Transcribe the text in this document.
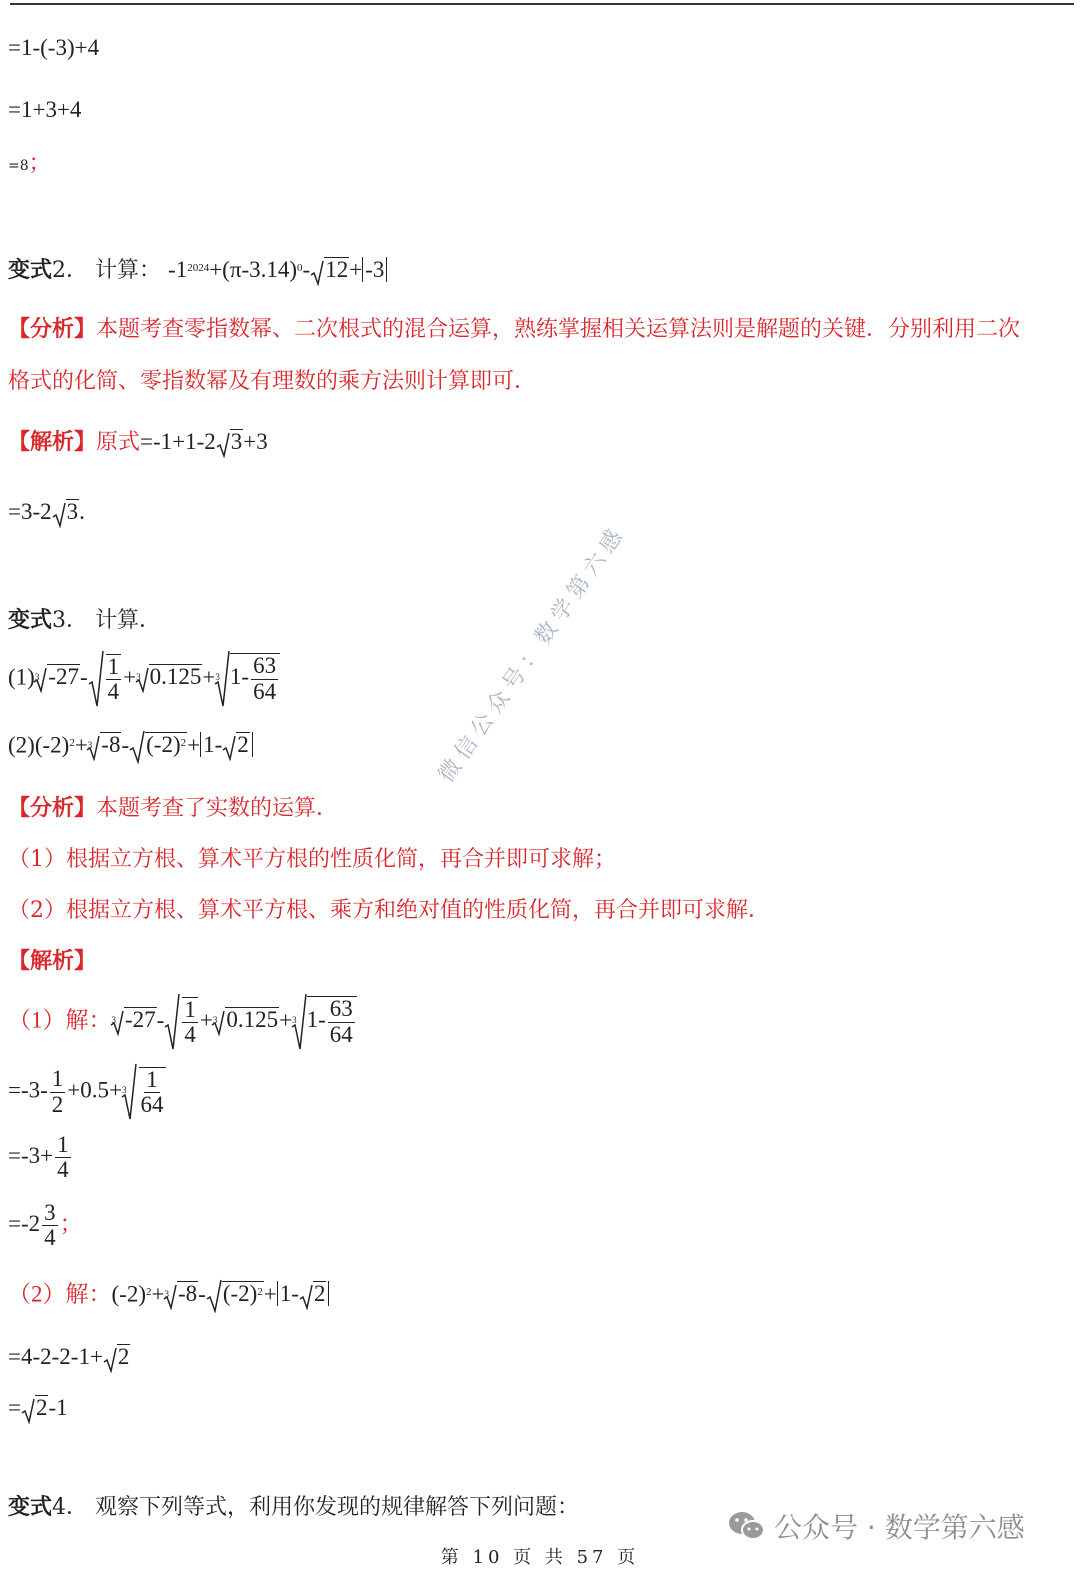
=1-(-3)+4
=1+3+4
=8；
变式2． 计算： $-1^{2024}+(\pi-3.14)^0-$ 12+ -3
【分析】本题考查零指数幂、二次根式的混合运算，熟练掌握相关运算法则是解题的关键．分别利用二次
格式的化简、零指数幂及有理数的乘方法则计算即可．
【解析】原式=-1+1-2 3+3
=3-2 3.
变式3． 计算．
$(1)^3$ $-27- \frac{1}{4} +^3$ 0.125+$^3$ $1- \frac{63}{64}$
$(2)(-2)^2+^3$ -8- $(-2)^2+ 1-$ 2
【分析】本题考查了实数的运算．
（1）根据立方根、算术平方根的性质化简，再合并即可求解；
（2）根据立方根、算术平方根、乘方和绝对值的性质化简，再合并即可求解．
【解析】
（1）解：$^3$ $-27- \frac{1}{4} +^3$ 0.125+$^3$ $1- \frac{63}{64}$
$=-3- \frac{1}{2} +0.5+^3 \frac{1}{64}$
$=-3+ \frac{1}{4}$
$=-2 \frac{3}{4}$ ；
（2）解：$(-2)^2+^3$ -8- $(-2)^2+ 1-$ 2
=4-2-2-1+ 2
= 2-1
变式4． 观察下列等式，利用你发现的规律解答下列问题：
微信公众号：数学第六感
公众号 · 数学第六感
第 10 页 共 57 页
